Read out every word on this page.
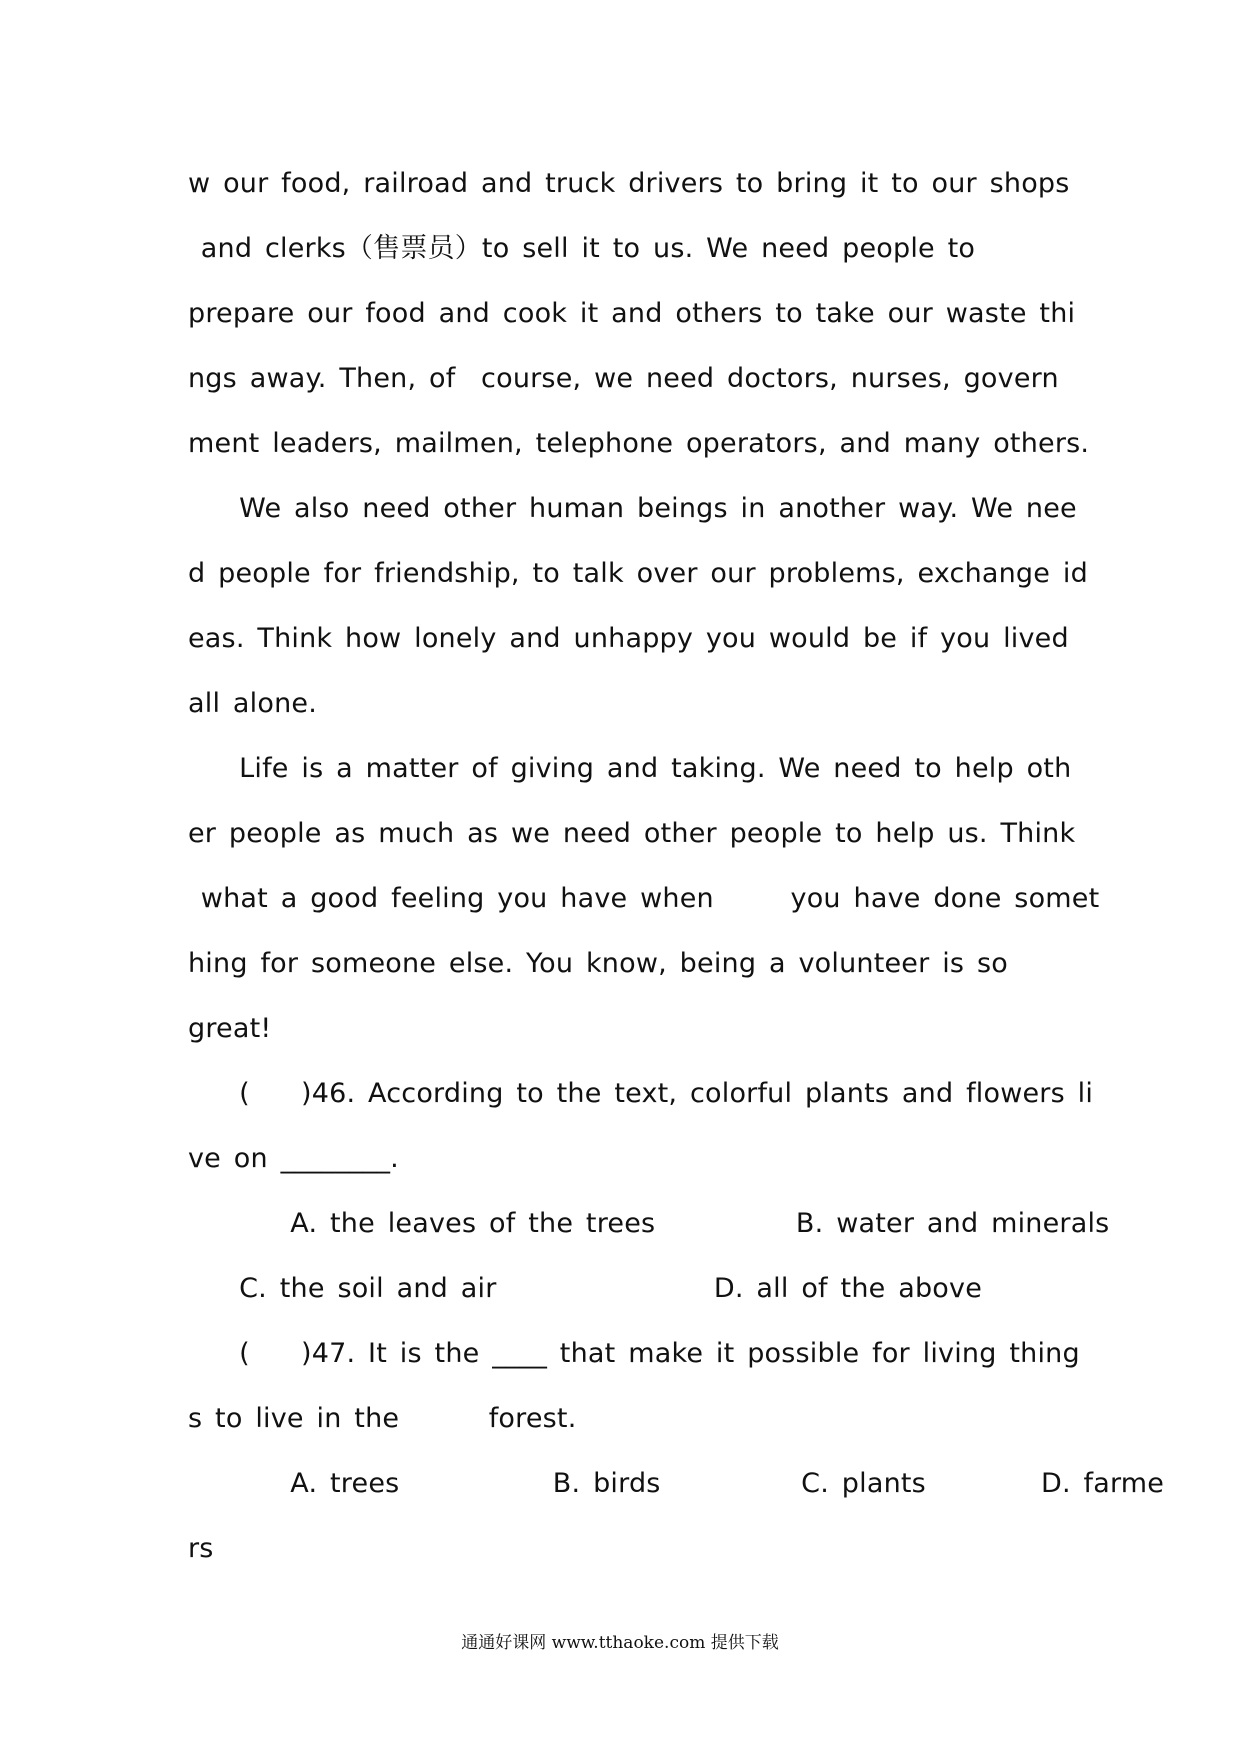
w our food, railroad and truck drivers to bring it to our shops
and clerks（售票员）to sell it to us. We need people to
prepare our food and cook it and others to take our waste thi
ngs away. Then, of  course, we need doctors, nurses, govern
ment leaders, mailmen, telephone operators, and many others.
We also need other human beings in another way. We nee
d people for friendship, to talk over our problems, exchange id
eas. Think how lonely and unhappy you would be if you lived
all alone.
Life is a matter of giving and taking. We need to help oth
er people as much as we need other people to help us. Think
what a good feeling you have when      you have done somet
hing for someone else. You know, being a volunteer is so
great!
(    )46. According to the text, colorful plants and flowers li
ve on ________.
A. the leaves of the trees           B. water and minerals
C. the soil and air                 D. all of the above
(    )47. It is the ____ that make it possible for living thing
s to live in the       forest.
A. trees            B. birds           C. plants         D. farme
rs
通通好课网 www.tthaoke.com 提供下载
